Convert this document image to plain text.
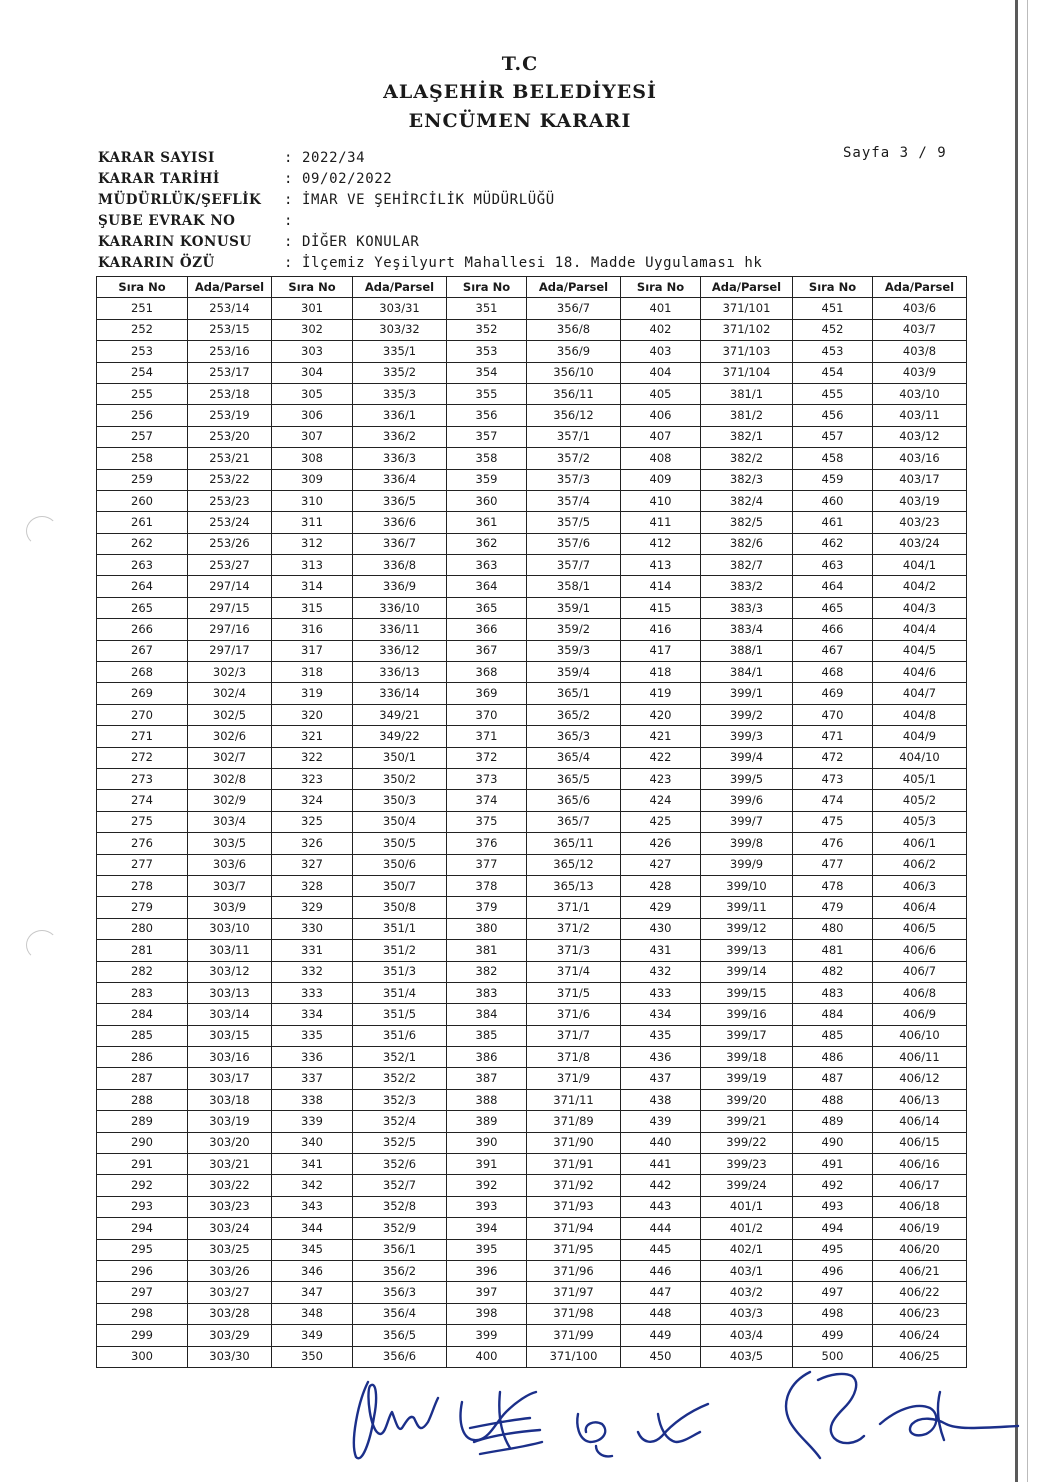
T.C
ALAŞEHİR BELEDİYESİ
ENCÜMEN KARARI
Sayfa 3 / 9
KARAR SAYISI	: 2022/34
KARAR TARİHİ	: 09/02/2022
MÜDÜRLÜK/ŞEFLİK	: İMAR VE ŞEHİRCİLİK MÜDÜRLÜĞÜ
ŞUBE EVRAK NO	:
KARARIN KONUSU	: DİĞER KONULAR
KARARIN ÖZÜ	: İlçemiz Yeşilyurt Mahallesi 18. Madde Uygulaması hk
Sıra No	Ada/Parsel	Sıra No	Ada/Parsel	Sıra No	Ada/Parsel	Sıra No	Ada/Parsel	Sıra No	Ada/Parsel
251	253/14	301	303/31	351	356/7	401	371/101	451	403/6
252	253/15	302	303/32	352	356/8	402	371/102	452	403/7
253	253/16	303	335/1	353	356/9	403	371/103	453	403/8
254	253/17	304	335/2	354	356/10	404	371/104	454	403/9
255	253/18	305	335/3	355	356/11	405	381/1	455	403/10
256	253/19	306	336/1	356	356/12	406	381/2	456	403/11
257	253/20	307	336/2	357	357/1	407	382/1	457	403/12
258	253/21	308	336/3	358	357/2	408	382/2	458	403/16
259	253/22	309	336/4	359	357/3	409	382/3	459	403/17
260	253/23	310	336/5	360	357/4	410	382/4	460	403/19
261	253/24	311	336/6	361	357/5	411	382/5	461	403/23
262	253/26	312	336/7	362	357/6	412	382/6	462	403/24
263	253/27	313	336/8	363	357/7	413	382/7	463	404/1
264	297/14	314	336/9	364	358/1	414	383/2	464	404/2
265	297/15	315	336/10	365	359/1	415	383/3	465	404/3
266	297/16	316	336/11	366	359/2	416	383/4	466	404/4
267	297/17	317	336/12	367	359/3	417	388/1	467	404/5
268	302/3	318	336/13	368	359/4	418	384/1	468	404/6
269	302/4	319	336/14	369	365/1	419	399/1	469	404/7
270	302/5	320	349/21	370	365/2	420	399/2	470	404/8
271	302/6	321	349/22	371	365/3	421	399/3	471	404/9
272	302/7	322	350/1	372	365/4	422	399/4	472	404/10
273	302/8	323	350/2	373	365/5	423	399/5	473	405/1
274	302/9	324	350/3	374	365/6	424	399/6	474	405/2
275	303/4	325	350/4	375	365/7	425	399/7	475	405/3
276	303/5	326	350/5	376	365/11	426	399/8	476	406/1
277	303/6	327	350/6	377	365/12	427	399/9	477	406/2
278	303/7	328	350/7	378	365/13	428	399/10	478	406/3
279	303/9	329	350/8	379	371/1	429	399/11	479	406/4
280	303/10	330	351/1	380	371/2	430	399/12	480	406/5
281	303/11	331	351/2	381	371/3	431	399/13	481	406/6
282	303/12	332	351/3	382	371/4	432	399/14	482	406/7
283	303/13	333	351/4	383	371/5	433	399/15	483	406/8
284	303/14	334	351/5	384	371/6	434	399/16	484	406/9
285	303/15	335	351/6	385	371/7	435	399/17	485	406/10
286	303/16	336	352/1	386	371/8	436	399/18	486	406/11
287	303/17	337	352/2	387	371/9	437	399/19	487	406/12
288	303/18	338	352/3	388	371/11	438	399/20	488	406/13
289	303/19	339	352/4	389	371/89	439	399/21	489	406/14
290	303/20	340	352/5	390	371/90	440	399/22	490	406/15
291	303/21	341	352/6	391	371/91	441	399/23	491	406/16
292	303/22	342	352/7	392	371/92	442	399/24	492	406/17
293	303/23	343	352/8	393	371/93	443	401/1	493	406/18
294	303/24	344	352/9	394	371/94	444	401/2	494	406/19
295	303/25	345	356/1	395	371/95	445	402/1	495	406/20
296	303/26	346	356/2	396	371/96	446	403/1	496	406/21
297	303/27	347	356/3	397	371/97	447	403/2	497	406/22
298	303/28	348	356/4	398	371/98	448	403/3	498	406/23
299	303/29	349	356/5	399	371/99	449	403/4	499	406/24
300	303/30	350	356/6	400	371/100	450	403/5	500	406/25
